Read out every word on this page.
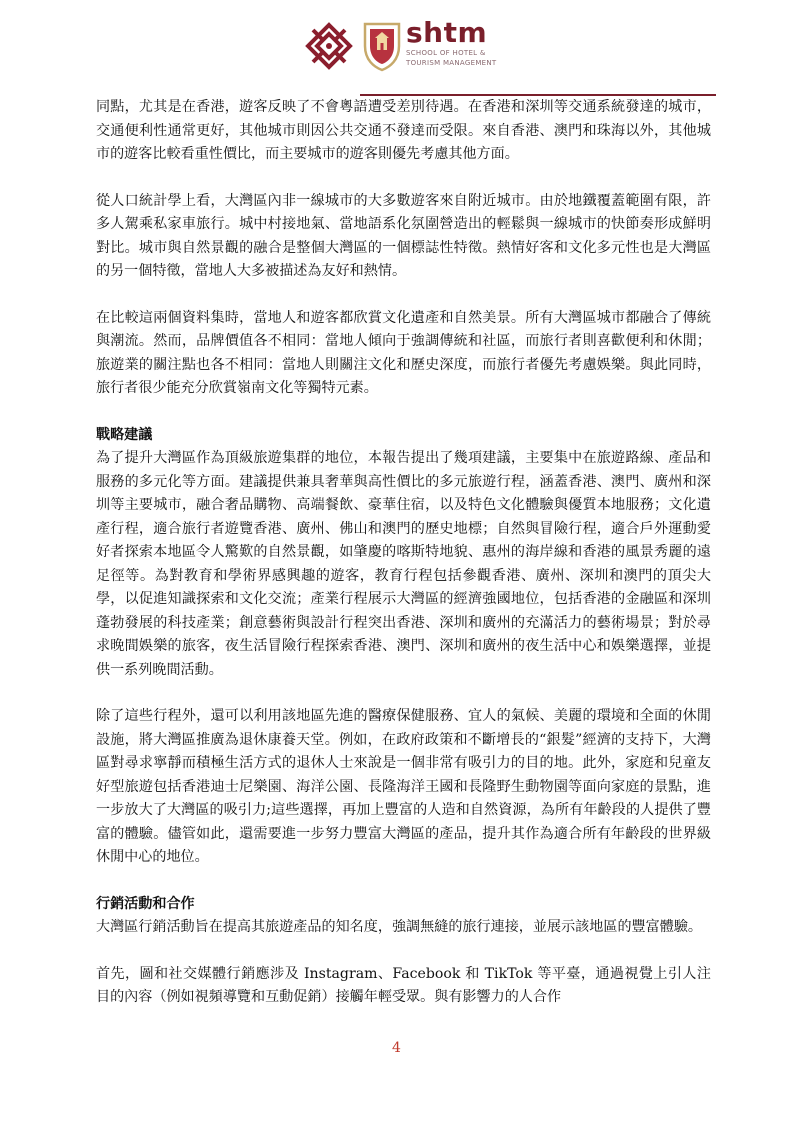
shtm
SCHOOL OF HOTEL &
TOURISM MANAGEMENT

同點，尤其是在香港，遊客反映了不會粵語遭受差別待遇。在香港和深圳等交通系統發達的城市，交通便利性通常更好，其他城市則因公共交通不發達而受限。來自香港、澳門和珠海以外，其他城市的遊客比較看重性價比，而主要城市的遊客則優先考慮其他方面。

從人口統計學上看，大灣區內非一線城市的大多數遊客來自附近城市。由於地鐵覆蓋範圍有限，許多人駕乘私家車旅行。城中村接地氣、當地語系化氛圍營造出的輕鬆與一線城市的快節奏形成鮮明對比。城市與自然景觀的融合是整個大灣區的一個標誌性特徵。熱情好客和文化多元性也是大灣區的另一個特徵，當地人大多被描述為友好和熱情。

在比較這兩個資料集時，當地人和遊客都欣賞文化遺產和自然美景。所有大灣區城市都融合了傳統與潮流。然而，品牌價值各不相同：當地人傾向于強調傳統和社區，而旅行者則喜歡便利和休閒；旅遊業的關注點也各不相同：當地人則關注文化和歷史深度，而旅行者優先考慮娛樂。與此同時，旅行者很少能充分欣賞嶺南文化等獨特元素。

戰略建議

為了提升大灣區作為頂級旅遊集群的地位，本報告提出了幾項建議，主要集中在旅遊路線、產品和服務的多元化等方面。建議提供兼具奢華與高性價比的多元旅遊行程，涵蓋香港、澳門、廣州和深圳等主要城市，融合奢品購物、高端餐飲、豪華住宿，以及特色文化體驗與優質本地服務；文化遺產行程，適合旅行者遊覽香港、廣州、佛山和澳門的歷史地標；自然與冒險行程，適合戶外運動愛好者探索本地區令人驚歎的自然景觀，如肇慶的喀斯特地貌、惠州的海岸線和香港的風景秀麗的遠足徑等。為對教育和學術界感興趣的遊客，教育行程包括參觀香港、廣州、深圳和澳門的頂尖大學，以促進知識探索和文化交流；產業行程展示大灣區的經濟強國地位，包括香港的金融區和深圳蓬勃發展的科技產業；創意藝術與設計行程突出香港、深圳和廣州的充滿活力的藝術場景；對於尋求晚間娛樂的旅客，夜生活冒險行程探索香港、澳門、深圳和廣州的夜生活中心和娛樂選擇，並提供一系列晚間活動。

除了這些行程外，還可以利用該地區先進的醫療保健服務、宜人的氣候、美麗的環境和全面的休閒設施，將大灣區推廣為退休康養天堂。例如，在政府政策和不斷增長的“銀髮”經濟的支持下，大灣區對尋求寧靜而積極生活方式的退休人士來說是一個非常有吸引力的目的地。此外，家庭和兒童友好型旅遊包括香港迪士尼樂園、海洋公園、長隆海洋王國和長隆野生動物園等面向家庭的景點，進一步放大了大灣區的吸引力;這些選擇，再加上豐富的人造和自然資源，為所有年齡段的人提供了豐富的體驗。儘管如此，還需要進一步努力豐富大灣區的產品，提升其作為適合所有年齡段的世界級休閒中心的地位。

行銷活動和合作

大灣區行銷活動旨在提高其旅遊產品的知名度，強調無縫的旅行連接，並展示該地區的豐富體驗。

首先，圖和社交媒體行銷應涉及 Instagram、Facebook 和 TikTok 等平臺，通過視覺上引人注目的內容（例如視頻導覽和互動促銷）接觸年輕受眾。與有影響力的人合作

4
